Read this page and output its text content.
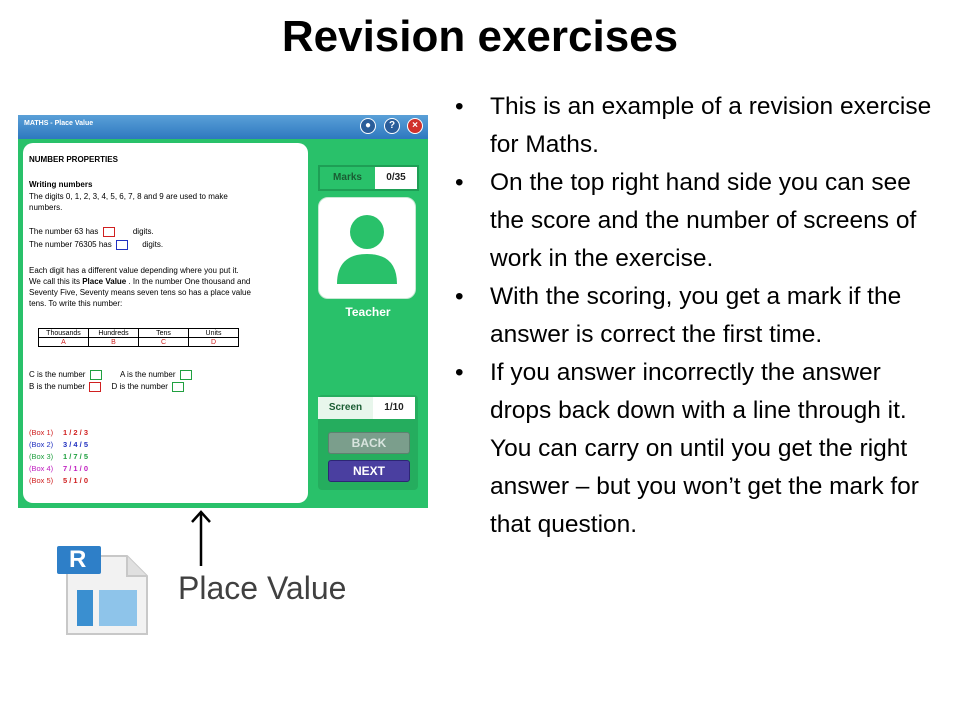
Revision exercises
MATHS - Place Value	●	?	×
NUMBER PROPERTIES
Writing numbers
The digits 0, 1, 2, 3, 4, 5, 6, 7, 8 and 9 are used to make
numbers.
The number 63 has	digits.
The number 76305 has	digits.
Each digit has a different value depending where you put it.
We call this its Place Value . In the number One thousand and
Seventy Five, Seventy means seven tens so has a place value
tens. To write this number:
Thousands	Hundreds	Tens	Units
A	B	C	D
C is the number	A is the number
B is the number	D is the number
(Box 1) 1 / 2 / 3
(Box 2) 3 / 4 / 5
(Box 3) 1 / 7 / 5
(Box 4) 7 / 1 / 0
(Box 5) 5 / 1 / 0
Marks	0/35
Teacher
Screen	1/10
BACK
NEXT
R
Place Value
• This is an example of a revision exercise for Maths.
• On the top right hand side you can see the score and the number of screens of work in the exercise.
• With the scoring, you get a mark if the answer is correct the first time.
• If you answer incorrectly the answer drops back down with a line through it. You can carry on until you get the right answer – but you won’t get the mark for that question.
